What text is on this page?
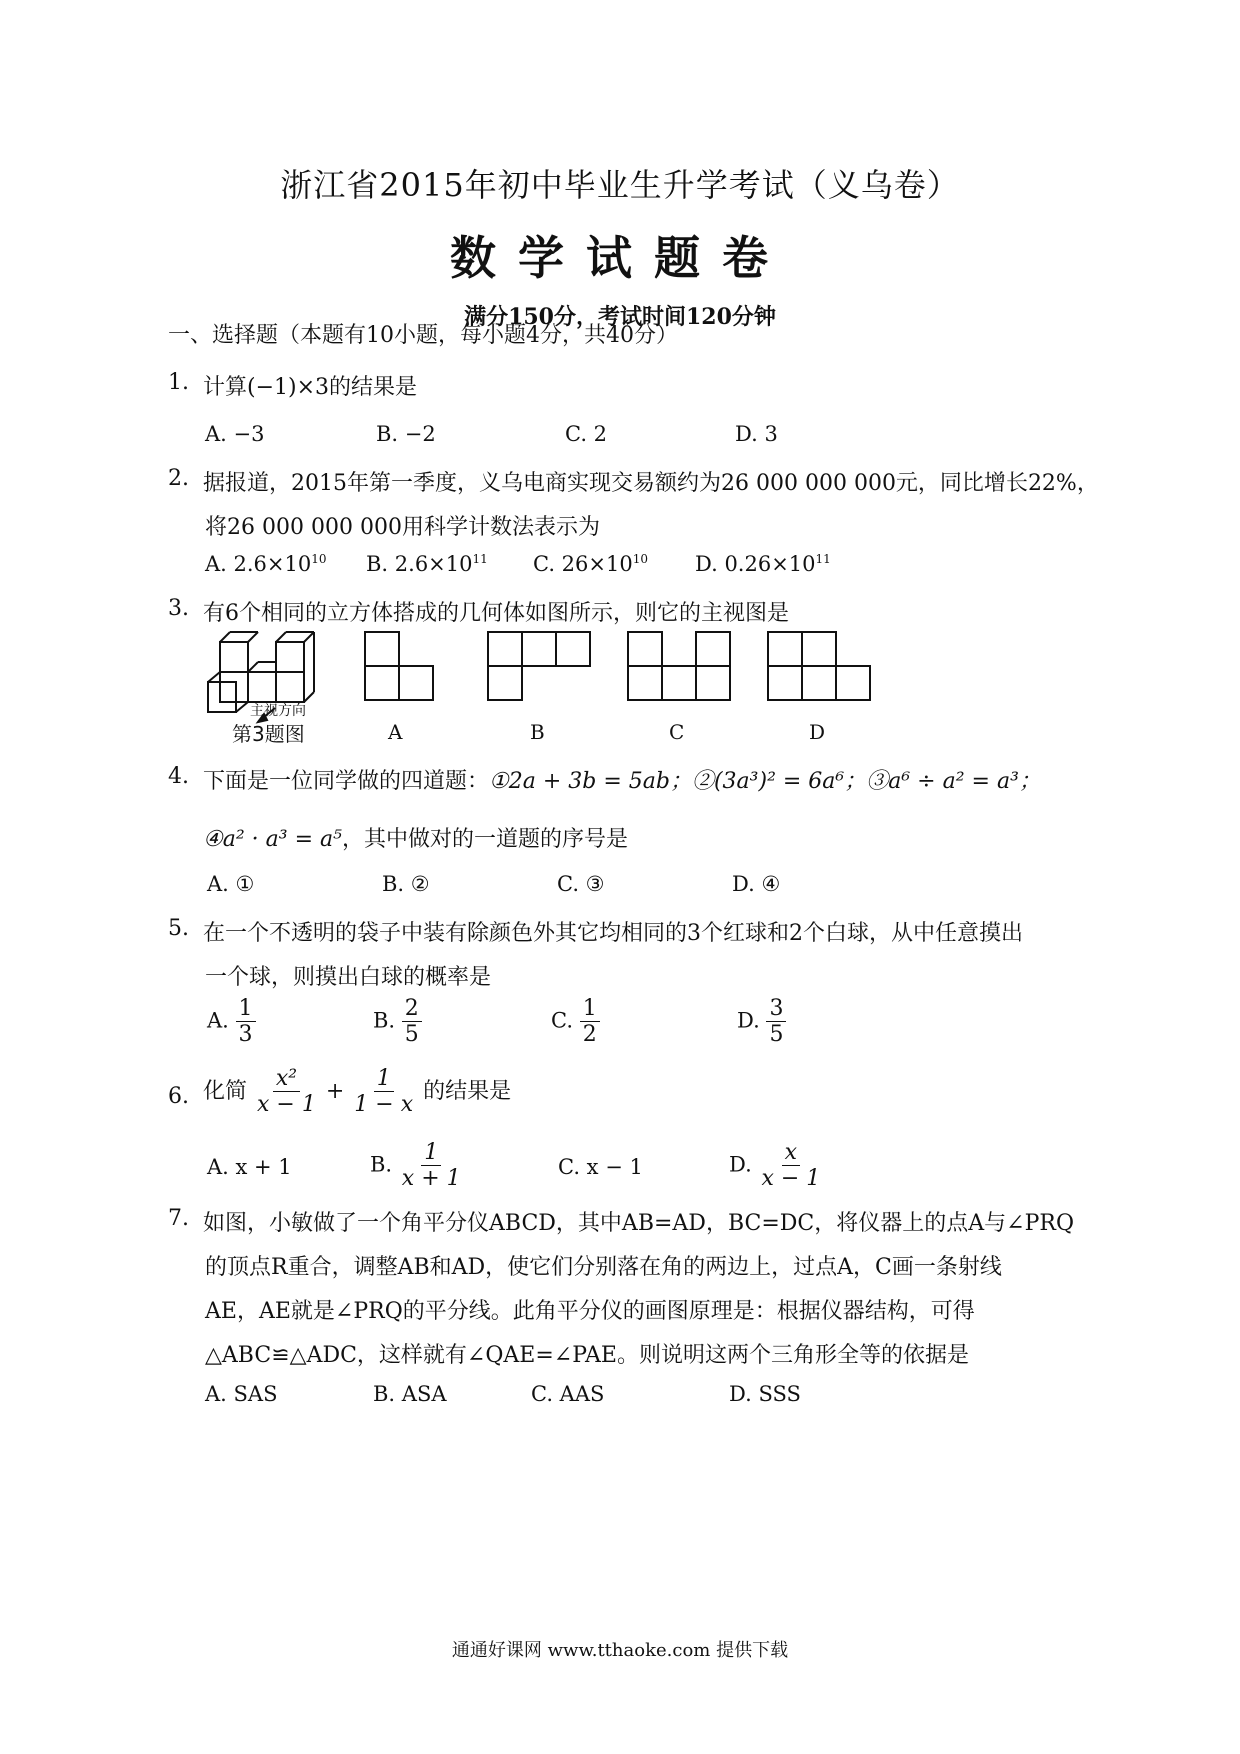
浙江省2015年初中毕业生升学考试（义乌卷）
数学试题卷
满分150分，考试时间120分钟
一、选择题（本题有10小题，每小题4分，共40分）
1. 计算(−1)×3的结果是
A. −3	B. −2	C. 2	D. 3
2. 据报道，2015年第一季度，义乌电商实现交易额约为26 000 000 000元，同比增长22%，
将26 000 000 000用科学计数法表示为
A. $2.6\times 10^{10}$ B. $2.6\times 10^{11}$ C. $26\times 10^{10}$ D. $0.26\times 10^{11}$
3. 有6个相同的立方体搭成的几何体如图所示，则它的主视图是
主视方向
第3题图	A	B	C	D
4. 下面是一位同学做的四道题：①2a + 3b = 5ab；②(3a³)² = 6a⁶；③a⁶ ÷ a² = a³；
④a² · a³ = a⁵，其中做对的一道题的序号是
A. ①	B. ②	C. ③	D. ④
5. 在一个不透明的袋子中装有除颜色外其它均相同的3个红球和2个白球，从中任意摸出
一个球，则摸出白球的概率是
A. $\frac{1}{3}$	B. $\frac{2}{5}$	C. $\frac{1}{2}$	D. $\frac{3}{5}$
6. 化简 $\frac{\text{x²}}{x - 1} + \frac{1}{1 - x}$ 的结果是
A. x + 1	B. $\frac{1}{x + 1}$	C. x − 1	D. $\frac{x}{x - 1}$
7. 如图，小敏做了一个角平分仪ABCD，其中AB=AD，BC=DC，将仪器上的点A与∠PRQ
的顶点R重合，调整AB和AD，使它们分别落在角的两边上，过点A，C画一条射线
AE，AE就是∠PRQ的平分线。此角平分仪的画图原理是：根据仪器结构，可得
△ABC≌△ADC，这样就有∠QAE=∠PAE。则说明这两个三角形全等的依据是
A. SAS	B. ASA	C. AAS	D. SSS
通通好课网 www.tthaoke.com 提供下载
